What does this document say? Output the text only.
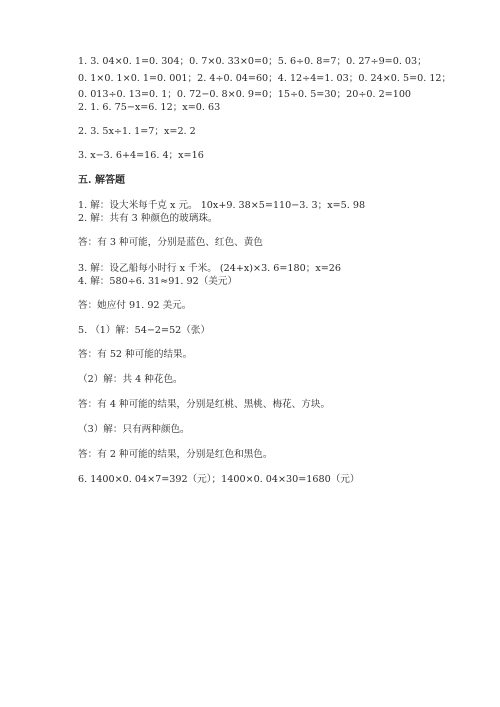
1. 3. 04×0. 1=0. 304；0. 7×0. 33×0=0；5. 6÷0. 8=7；0. 27÷9=0. 03；
0. 1×0. 1×0. 1=0. 001；2. 4÷0. 04=60；4. 12÷4=1. 03；0. 24×0. 5=0. 12；
0. 013÷0. 13=0. 1；0. 72−0. 8×0. 9=0；15÷0. 5=30；20÷0. 2=100
2. 1. 6. 75−x=6. 12；x=0. 63
2. 3. 5x÷1. 1=7；x=2. 2
3. x−3. 6+4=16. 4；x=16
五. 解答题
1. 解：设大米每千克 x 元。 10x+9. 38×5=110−3. 3；x=5. 98
2. 解：共有 3 种颜色的玻璃珠。
答：有 3 种可能，分别是蓝色、红色、黄色
3. 解：设乙船每小时行 x 千米。 (24+x)×3. 6=180；x=26
4. 解：580÷6. 31≈91. 92（美元）
答：她应付 91. 92 美元。
5. （1）解：54−2=52（张）
答：有 52 种可能的结果。
（2）解：共 4 种花色。
答：有 4 种可能的结果，分别是红桃、黑桃、梅花、方块。
（3）解：只有两种颜色。
答：有 2 种可能的结果，分别是红色和黑色。
6. 1400×0. 04×7=392（元）；1400×0. 04×30=1680（元）
